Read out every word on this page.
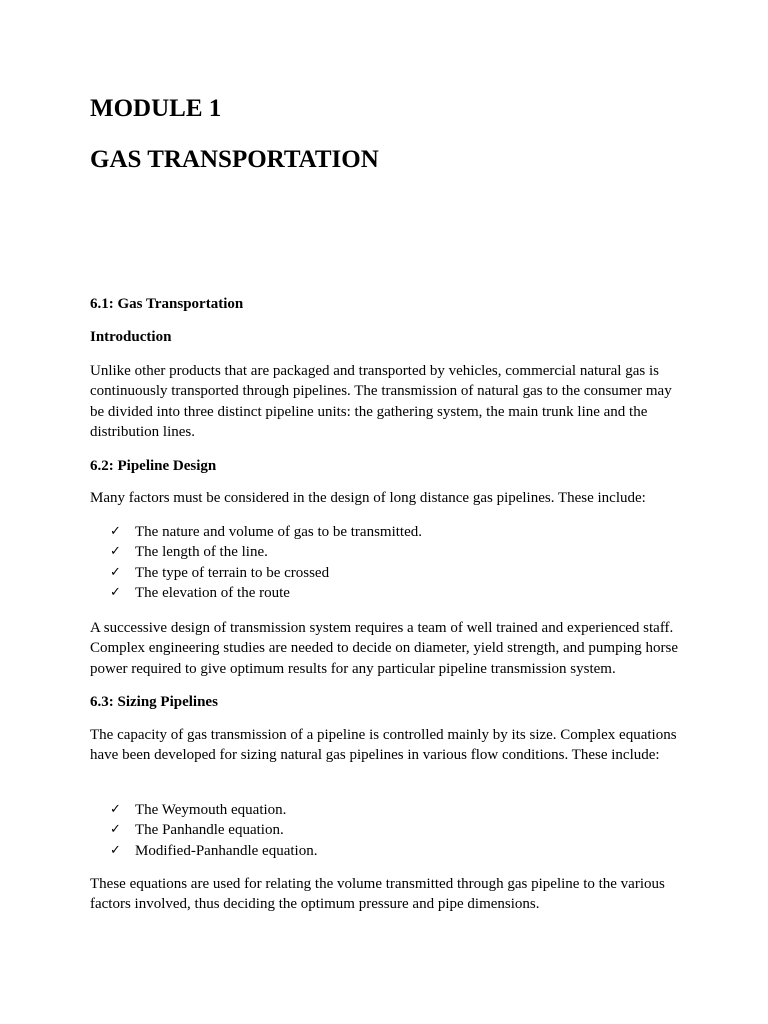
MODULE 1
GAS TRANSPORTATION
6.1: Gas Transportation
Introduction

Unlike other products that are packaged and transported by vehicles, commercial natural gas is continuously transported through pipelines. The transmission of natural gas to the consumer may be divided into three distinct pipeline units: the gathering system, the main trunk line and the distribution lines.

6.2: Pipeline Design

Many factors must be considered in the design of long distance gas pipelines. These include:

✓ The nature and volume of gas to be transmitted.
✓ The length of the line.
✓ The type of terrain to be crossed
✓ The elevation of the route

A successive design of transmission system requires a team of well trained and experienced staff. Complex engineering studies are needed to decide on diameter, yield strength, and pumping horse power required to give optimum results for any particular pipeline transmission system.

6.3: Sizing Pipelines

The capacity of gas transmission of a pipeline is controlled mainly by its size. Complex equations have been developed for sizing natural gas pipelines in various flow conditions. These include:

✓ The Weymouth equation.
✓ The Panhandle equation.
✓ Modified-Panhandle equation.

These equations are used for relating the volume transmitted through gas pipeline to the various factors involved, thus deciding the optimum pressure and pipe dimensions.
